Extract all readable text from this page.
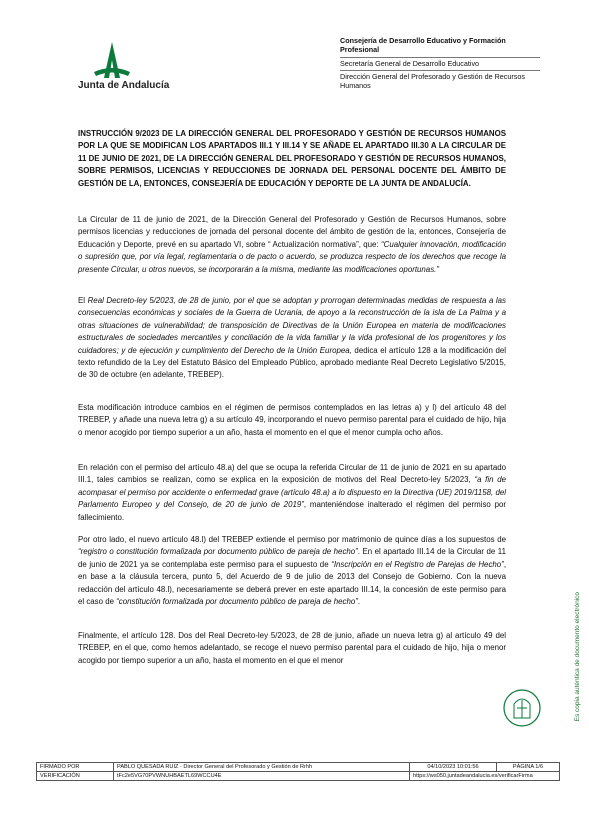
Junta de Andalucía
Consejería de Desarrollo Educativo y Formación Profesional
Secretaría General de Desarrollo Educativo
Dirección General del Profesorado y Gestión de Recursos Humanos
INSTRUCCIÓN 9/2023 DE LA DIRECCIÓN GENERAL DEL PROFESORADO Y GESTIÓN DE RECURSOS HUMANOS POR LA QUE SE MODIFICAN LOS APARTADOS III.1 Y III.14 Y SE AÑADE EL APARTADO III.30 A LA CIRCULAR DE 11 DE JUNIO DE 2021, DE LA DIRECCIÓN GENERAL DEL PROFESORADO Y GESTIÓN DE RECURSOS HUMANOS, SOBRE PERMISOS, LICENCIAS Y REDUCCIONES DE JORNADA DEL PERSONAL DOCENTE DEL ÁMBITO DE GESTIÓN DE LA, ENTONCES, CONSEJERÍA DE EDUCACIÓN Y DEPORTE DE LA JUNTA DE ANDALUCÍA.
La Circular de 11 de junio de 2021, de la Dirección General del Profesorado y Gestión de Recursos Humanos, sobre permisos licencias y reducciones de jornada del personal docente del ámbito de gestión de la, entonces, Consejería de Educación y Deporte, prevé en su apartado VI, sobre “ Actualización normativa”, que: “Cualquier innovación, modificación o supresión que, por vía legal, reglamentaria o de pacto o acuerdo, se produzca respecto de los derechos que recoge la presente Circular, u otros nuevos, se incorporarán a la misma, mediante las modificaciones oportunas.”
El Real Decreto-ley 5/2023, de 28 de junio, por el que se adoptan y prorrogan determinadas medidas de respuesta a las consecuencias económicas y sociales de la Guerra de Ucrania, de apoyo a la reconstrucción de la isla de La Palma y a otras situaciones de vulnerabilidad; de transposición de Directivas de la Unión Europea en materia de modificaciones estructurales de sociedades mercantiles y conciliación de la vida familiar y la vida profesional de los progenitores y los cuidadores; y de ejecución y cumplimiento del Derecho de la Unión Europea, dedica el artículo 128 a la modificación del texto refundido de la Ley del Estatuto Básico del Empleado Público, aprobado mediante Real Decreto Legislativo 5/2015, de 30 de octubre (en adelante, TREBEP).
Esta modificación introduce cambios en el régimen de permisos contemplados en las letras a) y l) del artículo 48 del TREBEP, y añade una nueva letra g) a su artículo 49, incorporando el nuevo permiso parental para el cuidado de hijo, hija o menor acogido por tiempo superior a un año, hasta el momento en el que el menor cumpla ocho años.
En relación con el permiso del artículo 48.a) del que se ocupa la referida Circular de 11 de junio de 2021 en su apartado III.1, tales cambios se realizan, como se explica en la exposición de motivos del Real Decreto-ley 5/2023, “a fin de acompasar el permiso por accidente o enfermedad grave (artículo 48.a) a lo dispuesto en la Directiva (UE) 2019/1158, del Parlamento Europeo y del Consejo, de 20 de junio de 2019”, manteniéndose inalterado el régimen del permiso por fallecimiento.
Por otro lado, el nuevo artículo 48.l) del TREBEP extiende el permiso por matrimonio de quince días a los supuestos de “registro o constitución formalizada por documento público de pareja de hecho”. En el apartado III.14 de la Circular de 11 de junio de 2021 ya se contemplaba este permiso para el supuesto de “Inscripción en el Registro de Parejas de Hecho”, en base a la cláusula tercera, punto 5, del Acuerdo de 9 de julio de 2013 del Consejo de Gobierno. Con la nueva redacción del artículo 48.l), necesariamente se deberá prever en este apartado III.14, la concesión de este permiso para el caso de “constitución formalizada por documento público de pareja de hecho”.
Finalmente, el artículo 128. Dos del Real Decreto-ley 5/2023, de 28 de junio, añade un nueva letra g) al artículo 49 del TREBEP, en el que, como hemos adelantado, se recoge el nuevo permiso parental para el cuidado de hijo, hija o menor acogido por tiempo superior a un año, hasta el momento en el que el menor	Es copia auténtica de documento electrónico
FIRMADO POR	PABLO QUESADA RUIZ - Director General del Profesorado y Gestión de Rrhh	04/10/2023 10:01:56	PÁGINA 1/6
VERIFICACIÓN	tFc2e5VG70PVWNUHBAETL69WCCU4E	https://ws050.juntadeandalucia.es/verificarFirma	
